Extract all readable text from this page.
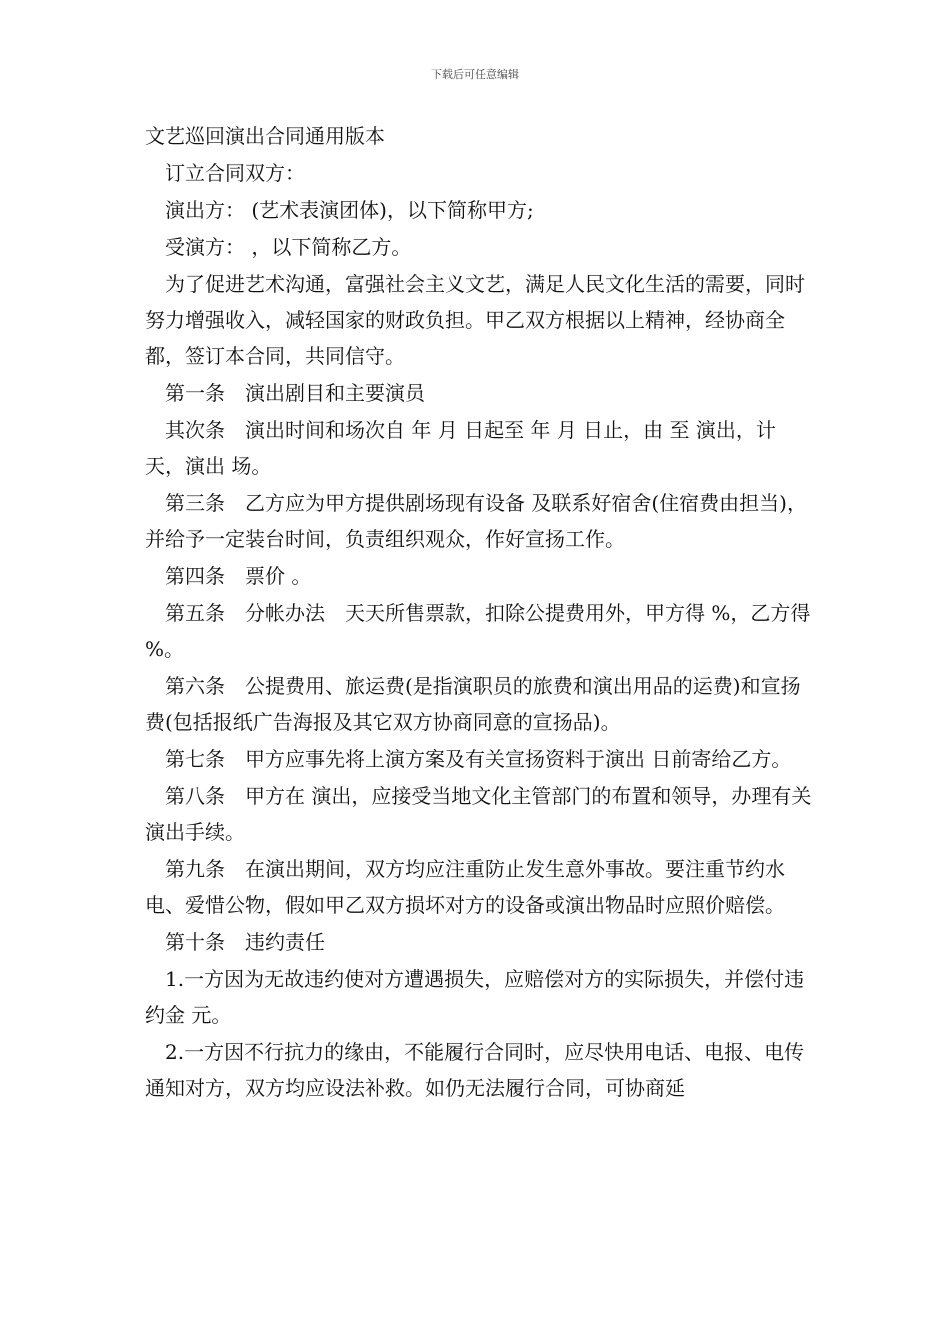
下载后可任意编辑
文艺巡回演出合同通用版本

订立合同双方：

演出方： (艺术表演团体)，以下简称甲方;

受演方： ，以下简称乙方。

为了促进艺术沟通，富强社会主义文艺，满足人民文化生活的需要，同时努力增强收入，减轻国家的财政负担。甲乙双方根据以上精神，经协商全都，签订本合同，共同信守。

第一条　演出剧目和主要演员

其次条　演出时间和场次自 年 月 日起至 年 月 日止，由 至 演出，计 天，演出 场。

第三条　乙方应为甲方提供剧场现有设备 及联系好宿舍(住宿费由担当)，并给予一定装台时间，负责组织观众，作好宣扬工作。

第四条　票价 。

第五条　分帐办法　天天所售票款，扣除公提费用外，甲方得 %，乙方得 %。

第六条　公提费用、旅运费(是指演职员的旅费和演出用品的运费)和宣扬费(包括报纸广告海报及其它双方协商同意的宣扬品)。

第七条　甲方应事先将上演方案及有关宣扬资料于演出 日前寄给乙方。

第八条　甲方在 演出，应接受当地文化主管部门的布置和领导，办理有关演出手续。

第九条　在演出期间，双方均应注重防止发生意外事故。要注重节约水电、爱惜公物，假如甲乙双方损坏对方的设备或演出物品时应照价赔偿。

第十条　违约责任

1.一方因为无故违约使对方遭遇损失，应赔偿对方的实际损失，并偿付违约金 元。

2.一方因不行抗力的缘由，不能履行合同时，应尽快用电话、电报、电传通知对方，双方均应设法补救。如仍无法履行合同，可协商延
